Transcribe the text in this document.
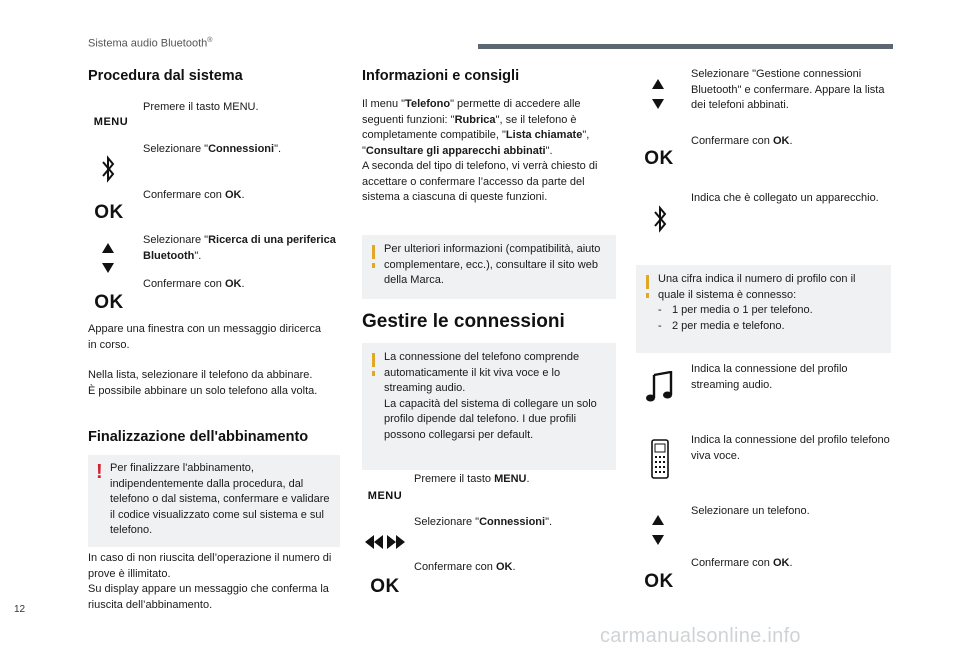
Sistema audio Bluetooth®
Procedura dal sistema
MENU
Premere il tasto MENU.
Selezionare "Connessioni".
OK
Confermare con OK.
Selezionare "Ricerca di una periferica Bluetooth".
OK
Confermare con OK.
Appare una finestra con un messaggio diricerca in corso.
Nella lista, selezionare il telefono da abbinare.
È possibile abbinare un solo telefono alla volta.
Finalizzazione dell'abbinamento
! Per finalizzare l'abbinamento, indipendentemente dalla procedura, dal telefono o dal sistema, confermare e validare il codice visualizzato come sul sistema e sul telefono.
In caso di non riuscita dell’operazione il numero di prove è illimitato.
Su display appare un messaggio che conferma la riuscita dell’abbinamento.
Informazioni e consigli
Il menu "Telefono" permette di accedere alle seguenti funzioni: "Rubrica", se il telefono è completamente compatibile, "Lista chiamate", "Consultare gli apparecchi abbinati".
A seconda del tipo di telefono, vi verrà chiesto di accettare o confermare l’accesso da parte del sistema a ciascuna di queste funzioni.
Per ulteriori informazioni (compatibilità, aiuto complementare, ecc.), consultare il sito web della Marca.
Gestire le connessioni
La connessione del telefono comprende automaticamente il kit viva voce e lo streaming audio.
La capacità del sistema di collegare un solo profilo dipende dal telefono. I due profili possono collegarsi per default.
MENU
Premere il tasto MENU.
Selezionare "Connessioni".
OK
Confermare con OK.
Selezionare "Gestione connessioni Bluetooth" e confermare. Appare la lista dei telefoni abbinati.
OK
Confermare con OK.
Indica che è collegato un apparecchio.
Una cifra indica il numero di profilo con il quale il sistema è connesso:
- 1 per media o 1 per telefono.
- 2 per media e telefono.
Indica la connessione del profilo streaming audio.
Indica la connessione del profilo telefono viva voce.
Selezionare un telefono.
OK
Confermare con OK.
12
carmanualsonline.info
